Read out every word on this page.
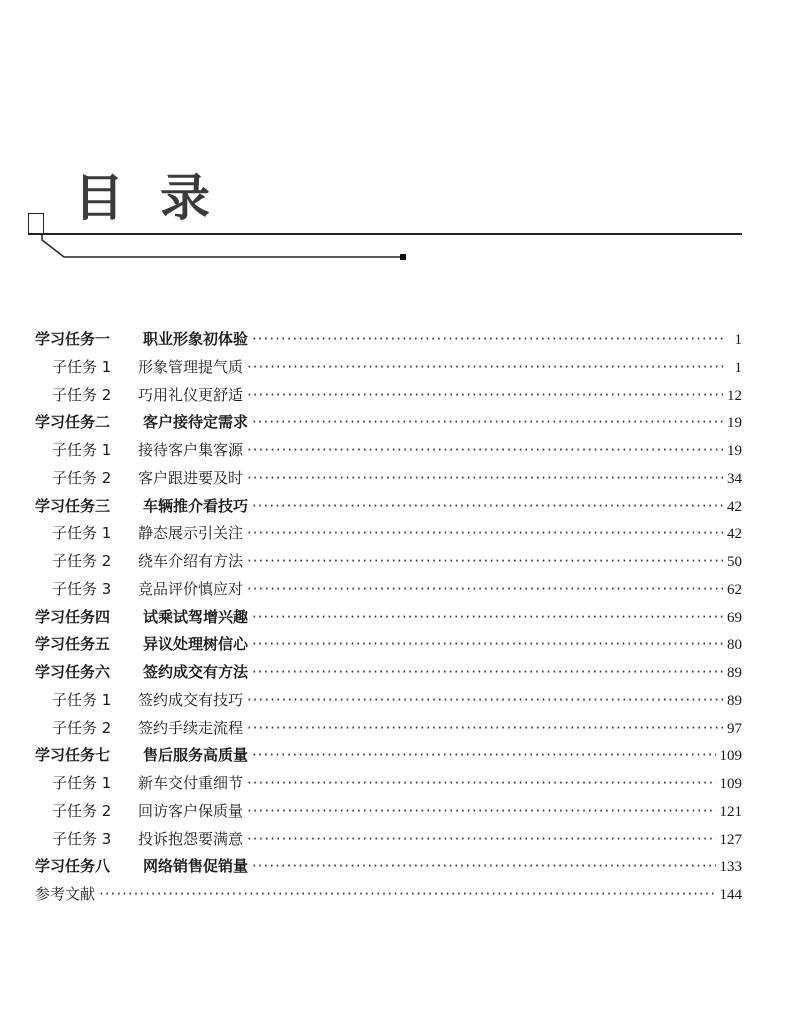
目录
学习任务一	职业形象初体验 ·····	1
子任务 1	形象管理提气质 ·····	1
子任务 2	巧用礼仪更舒适 ·····	12
学习任务二	客户接待定需求 ·····	19
子任务 1	接待客户集客源 ·····	19
子任务 2	客户跟进要及时 ·····	34
学习任务三	车辆推介看技巧 ·····	42
子任务 1	静态展示引关注 ·····	42
子任务 2	绕车介绍有方法 ·····	50
子任务 3	竞品评价慎应对 ·····	62
学习任务四	试乘试驾增兴趣 ·····	69
学习任务五	异议处理树信心 ·····	80
学习任务六	签约成交有方法 ·····	89
子任务 1	签约成交有技巧 ·····	89
子任务 2	签约手续走流程 ·····	97
学习任务七	售后服务高质量 ·····	109
子任务 1	新车交付重细节 ·····	109
子任务 2	回访客户保质量 ·····	121
子任务 3	投诉抱怨要满意 ·····	127
学习任务八	网络销售促销量 ·····	133
参考文献 ·····	144
